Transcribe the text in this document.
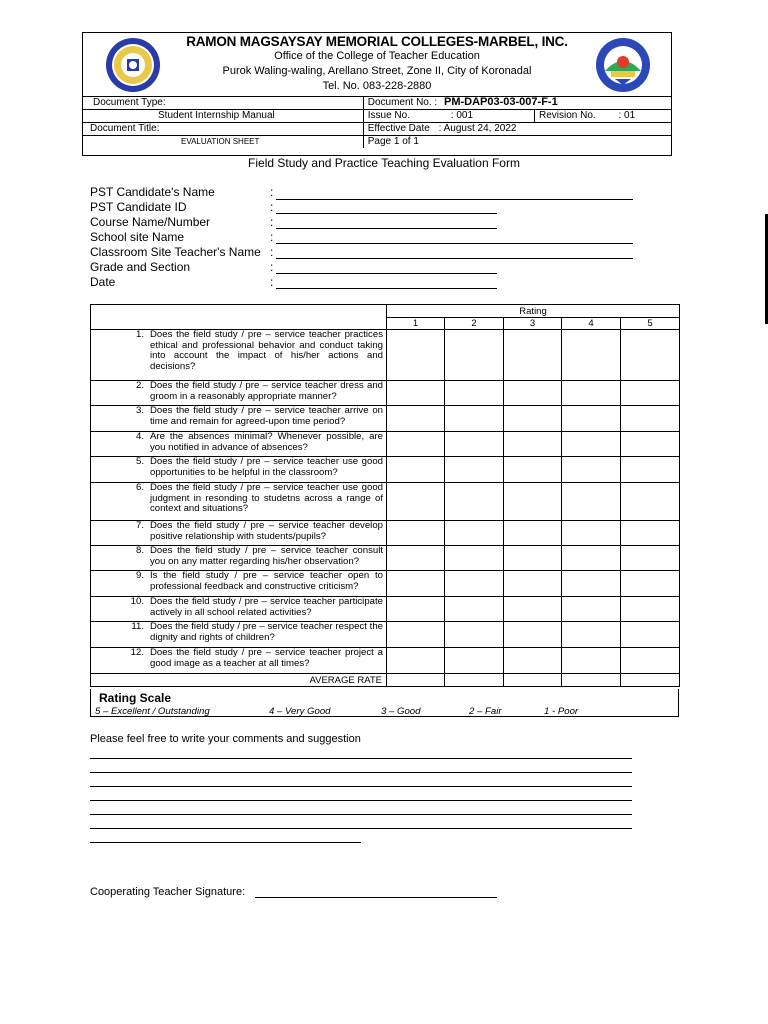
RAMON MAGSAYSAY MEMORIAL COLLEGES-MARBEL, INC.
Office of the College of Teacher Education
Purok Waling-waling, Arellano Street, Zone II, City of Koronadal
Tel. No. 083-228-2880
Document Type:	Document No. : PM-DAP03-03-007-F-1	
Student Internship Manual	Issue No. : 001	Revision No. : 01
Document Title:	Effective Date : August 24, 2022	
EVALUATION SHEET	Page 1 of 1	
Field Study and Practice Teaching Evaluation Form
PST Candidate's Name	:
PST Candidate ID	:
Course Name/Number	:
School site Name	:
Classroom Site Teacher's Name :
Grade and Section	:
Date	:
	Rating				
	1	2	3	4	5

1. Does the field study / pre – service teacher practices ethical and professional behavior and conduct taking into account the impact of his/her actions and decisions?					

2. Does the field study / pre – service teacher dress and groom in a reasonably appropriate manner?					

3. Does the field study / pre – service teacher arrive on time and remain for agreed-upon time period?					

4. Are the absences minimal? Whenever possible, are you notified in advance of absences?					

5. Does the field study / pre – service teacher use good opportunities to be helpful in the classroom?					

6. Does the field study / pre – service teacher use good judgment in resonding to studetns across a range of context and situations?					

7. Does the field study / pre – service teacher develop positive relationship with students/pupils?					

8. Does the field study / pre – service teacher consult you on any matter regarding his/her observation?					

9. Is the field study / pre – service teacher open to professional feedback and constructive criticism?					

10. Does the field study / pre – service teacher participate actively in all school related activities?					

11. Does the field study / pre – service teacher respect the dignity and rights of children?					

12. Does the field study / pre – service teacher project a good image as a teacher at all times?					

AVERAGE RATE					
Rating Scale
5 – Excellent / Outstanding	4 – Very Good	3 – Good	2 – Fair	1 - Poor
Please feel free to write your comments and suggestion
Cooperating Teacher Signature:
